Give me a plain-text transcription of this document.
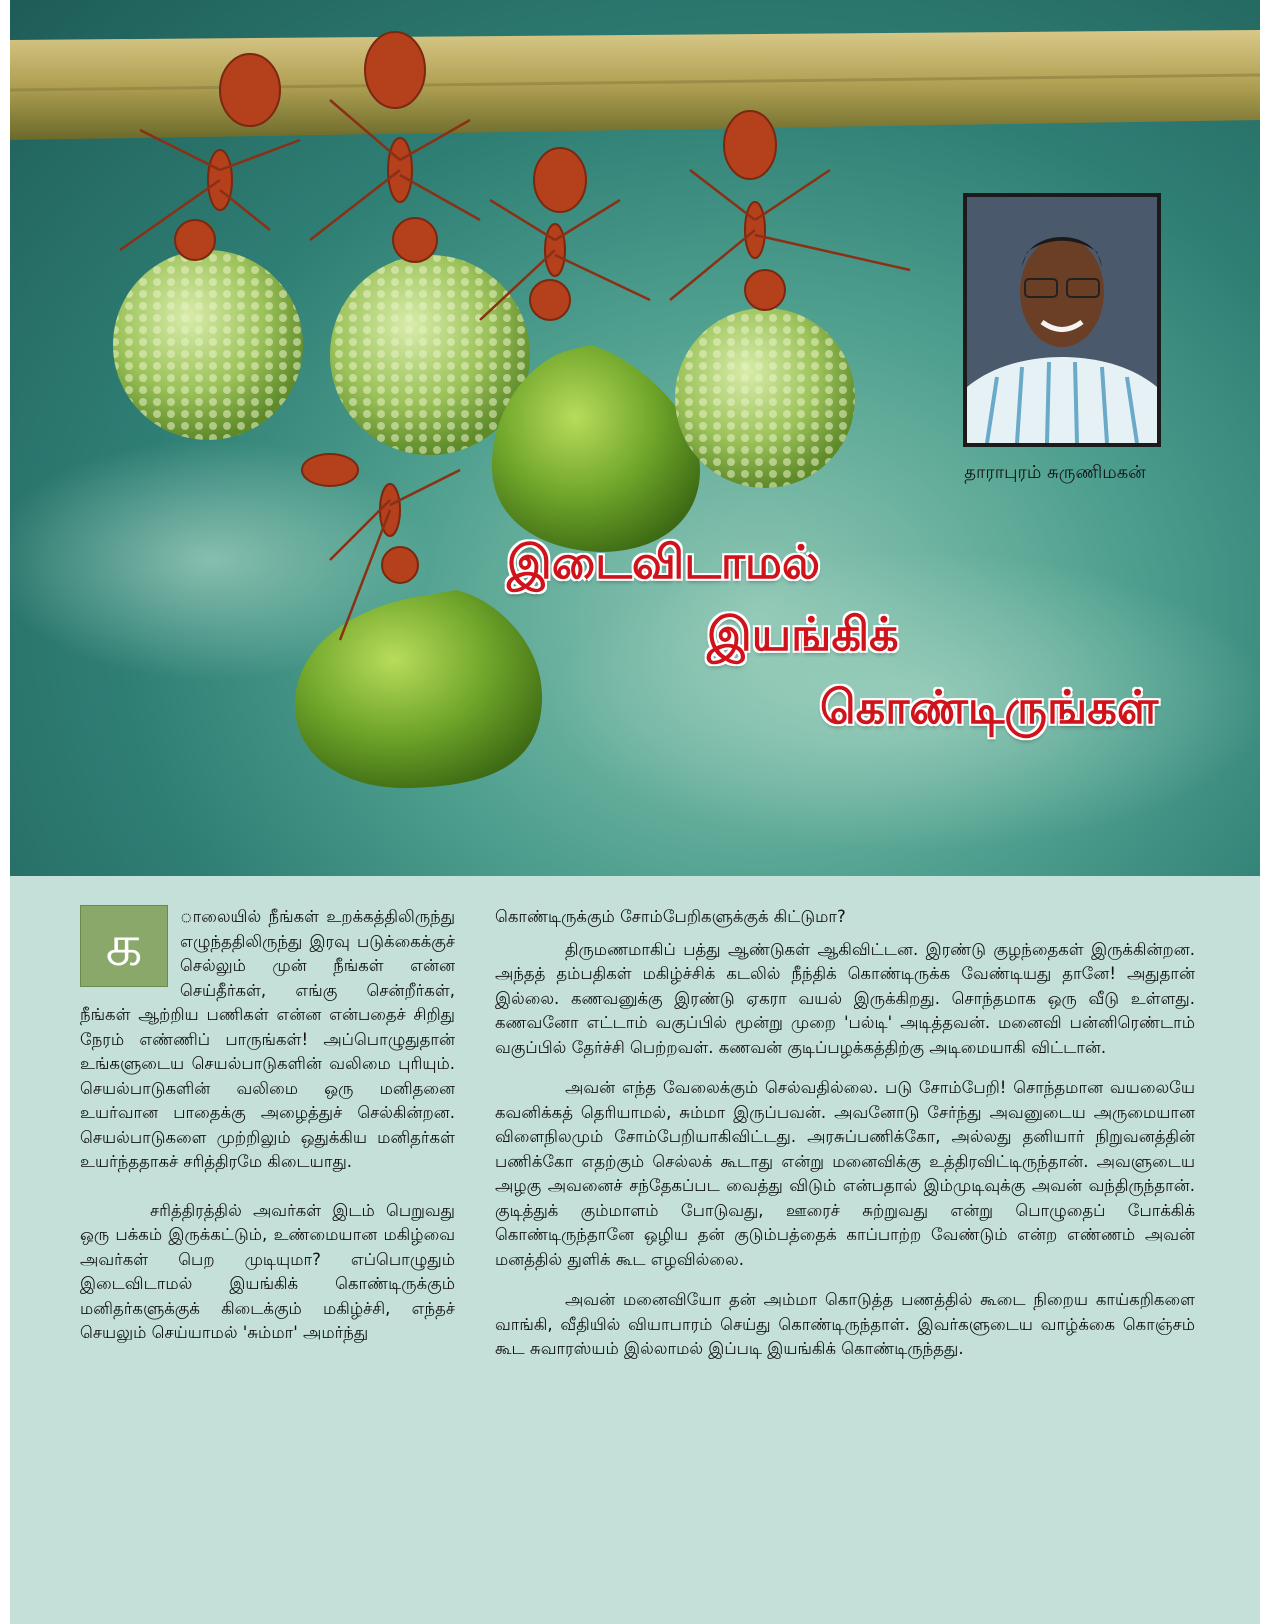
தாராபுரம் சுருணிமகன்
இடைவிடாமல்
இயங்கிக்
கொண்டிருங்கள்

க	ாலையில் நீங்கள் உறக்கத்திலிருந்து எழுந்ததிலிருந்து இரவு படுக்கைக்குச் செல்லும் முன் நீங்கள் என்ன செய்தீர்கள், எங்கு சென்றீர்கள், நீங்கள் ஆற்றிய பணிகள் என்ன என்பதைச் சிறிது நேரம் எண்ணிப் பாருங்கள்! அப்பொழுதுதான் உங்களுடைய செயல்பாடுகளின் வலிமை புரியும். செயல்பாடுகளின் வலிமை ஒரு மனிதனை உயர்வான பாதைக்கு அழைத்துச் செல்கின்றன. செயல்பாடுகளை முற்றிலும் ஒதுக்கிய மனிதர்கள் உயர்ந்ததாகச் சரித்திரமே கிடையாது.

சரித்திரத்தில் அவர்கள் இடம் பெறுவது ஒரு பக்கம் இருக்கட்டும், உண்மையான மகிழ்வை அவர்கள் பெற முடியுமா? எப்பொழுதும் இடைவிடாமல் இயங்கிக் கொண்டிருக்கும் மனிதர்களுக்குக் கிடைக்கும் மகிழ்ச்சி, எந்தச் செயலும் செய்யாமல் 'சும்மா' அமர்ந்து

கொண்டிருக்கும் சோம்பேறிகளுக்குக் கிட்டுமா?

திருமணமாகிப் பத்து ஆண்டுகள் ஆகிவிட்டன. இரண்டு குழந்தைகள் இருக்கின்றன. அந்தத் தம்பதிகள் மகிழ்ச்சிக் கடலில் நீந்திக் கொண்டிருக்க வேண்டியது தானே! அதுதான் இல்லை. கணவனுக்கு இரண்டு ஏகரா வயல் இருக்கிறது. சொந்தமாக ஒரு வீடு உள்ளது. கணவனோ எட்டாம் வகுப்பில் மூன்று முறை 'பல்டி' அடித்தவன். மனைவி பன்னிரெண்டாம் வகுப்பில் தேர்ச்சி பெற்றவள். கணவன் குடிப்பழக்கத்திற்கு அடிமையாகி விட்டான்.

அவன் எந்த வேலைக்கும் செல்வதில்லை. படு சோம்பேறி! சொந்தமான வயலையே கவனிக்கத் தெரியாமல், சும்மா இருப்பவன். அவனோடு சேர்ந்து அவனுடைய அருமையான விளைநிலமும் சோம்பேறியாகிவிட்டது. அரசுப்பணிக்கோ, அல்லது தனியார் நிறுவனத்தின் பணிக்கோ எதற்கும் செல்லக் கூடாது என்று மனைவிக்கு உத்திரவிட்டிருந்தான். அவளுடைய அழகு அவனைச் சந்தேகப்பட வைத்து விடும் என்பதால் இம்முடிவுக்கு அவன் வந்திருந்தான். குடித்துக் கும்மாளம் போடுவது, ஊரைச் சுற்றுவது என்று பொழுதைப் போக்கிக் கொண்டிருந்தானே ஒழிய தன் குடும்பத்தைக் காப்பாற்ற வேண்டும் என்ற எண்ணம் அவன் மனத்தில் துளிக் கூட எழவில்லை.

அவன் மனைவியோ தன் அம்மா கொடுத்த பணத்தில் கூடை நிறைய காய்கறிகளை வாங்கி, வீதியில் வியாபாரம் செய்து கொண்டிருந்தாள். இவர்களுடைய வாழ்க்கை கொஞ்சம் கூட சுவாரஸ்யம் இல்லாமல் இப்படி இயங்கிக் கொண்டிருந்தது.
